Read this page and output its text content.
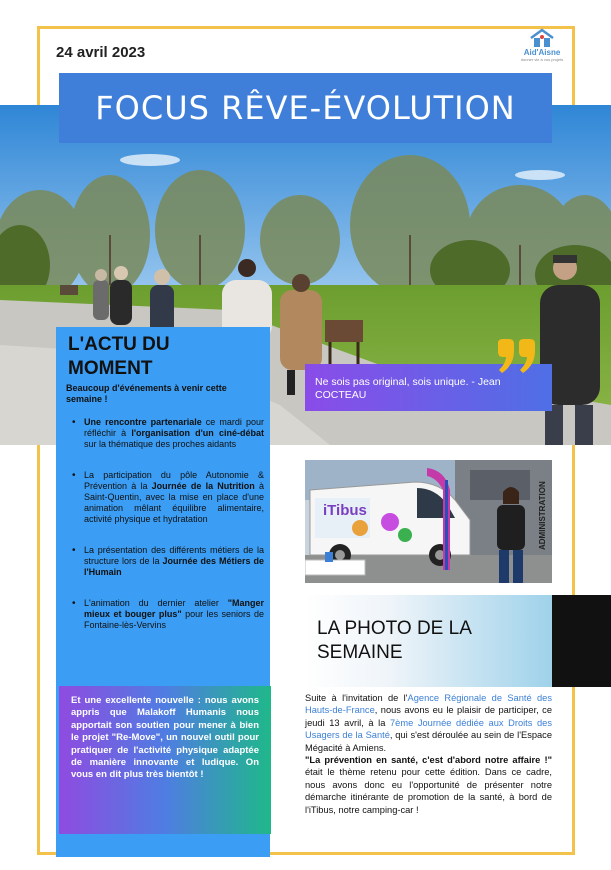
24 avril 2023	Aid'Aisne
donner vie à vos projets
FOCUS RÊVE-ÉVOLUTION
L'ACTU DU
MOMENT
Beaucoup d'événements à venir cette semaine !
• Une rencontre partenariale ce mardi pour réfléchir à l'organisation d'un ciné-débat sur la thématique des proches aidants
• La participation du pôle Autonomie & Prévention à la Journée de la Nutrition à Saint-Quentin, avec la mise en place d'une animation mêlant équilibre alimentaire, activité physique et hydratation
• La présentation des différents métiers de la structure lors de la Journée des Métiers de l'Humain
• L'animation du dernier atelier "Manger mieux et bouger plus" pour les seniors de Fontaine-lès-Vervins

Et une excellente nouvelle : nous avons appris que Malakoff Humanis nous apportait son soutien pour mener à bien le projet "Re-Move", un nouvel outil pour pratiquer de l'activité physique adaptée de manière innovante et ludique. On vous en dit plus très bientôt !

Ne sois pas original, sois unique. - Jean COCTEAU
iTibus	ADMINISTRATION
LA PHOTO DE LA
SEMAINE

Suite à l'invitation de l'Agence Régionale de Santé des Hauts-de-France, nous avons eu le plaisir de participer, ce jeudi 13 avril, à la 7ème Journée dédiée aux Droits des Usagers de la Santé, qui s'est déroulée au sein de l'Espace Mégacité à Amiens.

"La prévention en santé, c'est d'abord notre affaire !" était le thème retenu pour cette édition. Dans ce cadre, nous avons donc eu l'opportunité de présenter notre démarche itinérante de promotion de la santé, à bord de l'iTibus, notre camping-car !
